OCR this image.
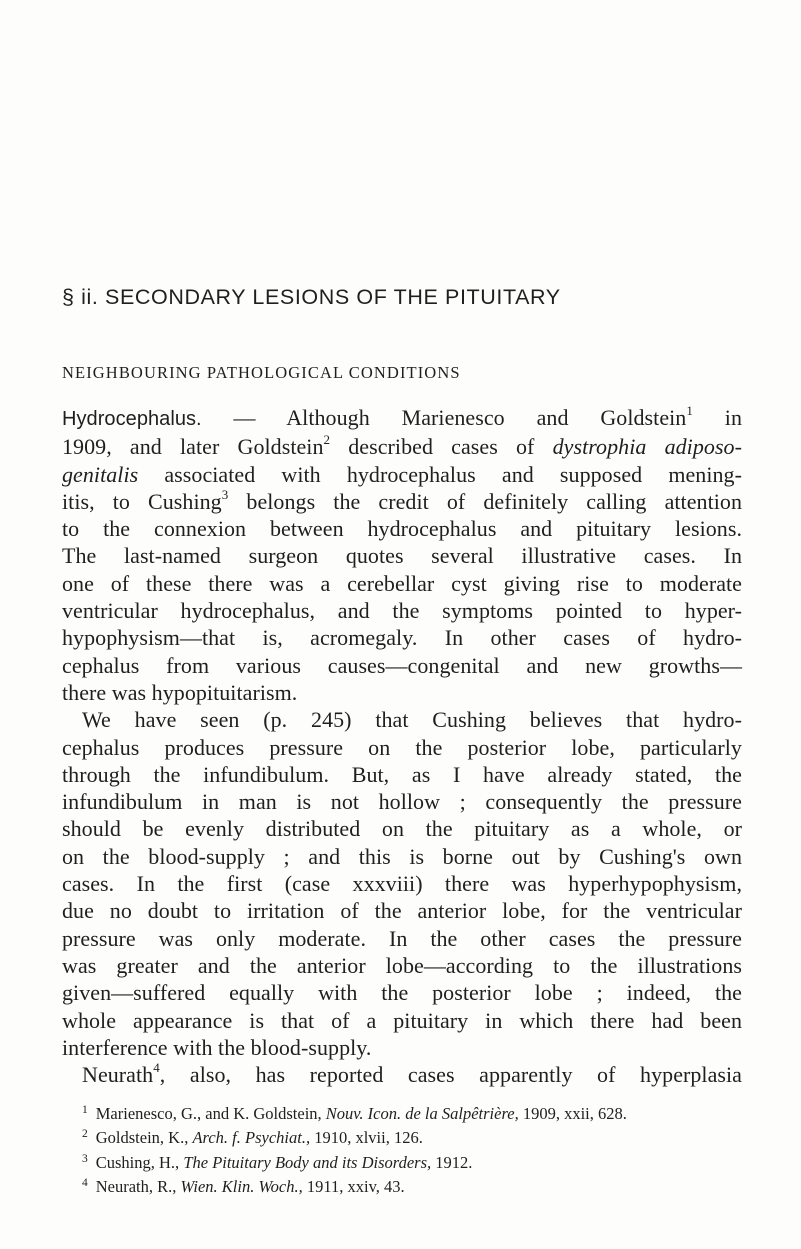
§ ii. SECONDARY LESIONS OF THE PITUITARY
NEIGHBOURING PATHOLOGICAL CONDITIONS
Hydrocephalus. — Although Marienesco and Goldstein$^1$ in
1909, and later Goldstein$^2$ described cases of dystrophia adiposo-
genitalis associated with hydrocephalus and supposed mening-
itis, to Cushing$^3$ belongs the credit of definitely calling attention
to the connexion between hydrocephalus and pituitary lesions.
The last-named surgeon quotes several illustrative cases. In
one of these there was a cerebellar cyst giving rise to moderate
ventricular hydrocephalus, and the symptoms pointed to hyper-
hypophysism—that is, acromegaly. In other cases of hydro-
cephalus from various causes—congenital and new growths—
there was hypopituitarism.
We have seen (p. 245) that Cushing believes that hydro-
cephalus produces pressure on the posterior lobe, particularly
through the infundibulum. But, as I have already stated, the
infundibulum in man is not hollow ; consequently the pressure
should be evenly distributed on the pituitary as a whole, or
on the blood-supply ; and this is borne out by Cushing's own
cases. In the first (case xxxviii) there was hyperhypophysism,
due no doubt to irritation of the anterior lobe, for the ventricular
pressure was only moderate. In the other cases the pressure
was greater and the anterior lobe—according to the illustrations
given—suffered equally with the posterior lobe ; indeed, the
whole appearance is that of a pituitary in which there had been
interference with the blood-supply.
Neurath$^4$, also, has reported cases apparently of hyperplasia
$^1$ Marienesco, G., and K. Goldstein, Nouv. Icon. de la Salpêtrière, 1909, xxii, 628.
$^2$ Goldstein, K., Arch. f. Psychiat., 1910, xlvii, 126.
$^3$ Cushing, H., The Pituitary Body and its Disorders, 1912.
$^4$ Neurath, R., Wien. Klin. Woch., 1911, xxiv, 43.
